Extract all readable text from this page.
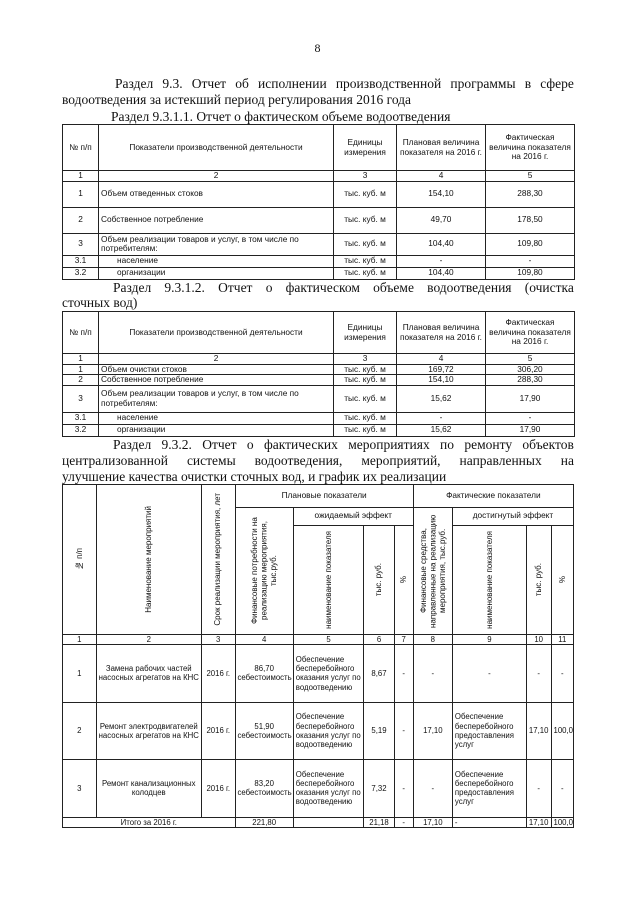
8
Раздел 9.3. Отчет об исполнении производственной программы в сфере
водоотведения за истекший период регулирования 2016 года
Раздел 9.3.1.1. Отчет о фактическом объеме водоотведения
№ п/п	Показатели производственной деятельности	Единицы измерения	Плановая величина показателя на 2016 г.	Фактическая величина показателя на 2016 г.
1	2	3	4	5
1	Объем отведенных стоков	тыс. куб. м	154,10	288,30
2	Собственное потребление	тыс. куб. м	49,70	178,50
3	Объем реализации товаров и услуг, в том числе по потребителям:	тыс. куб. м	104,40	109,80
3.1	население	тыс. куб. м	-	-
3.2	организации	тыс. куб. м	104,40	109,80
Раздел 9.3.1.2. Отчет о фактическом объеме водоотведения (очистка
сточных вод)
№ п/п	Показатели производственной деятельности	Единицы измерения	Плановая величина показателя на 2016 г.	Фактическая величина показателя на 2016 г.
1	2	3	4	5
1	Объем очистки стоков	тыс. куб. м	169,72	306,20
2	Собственное потребление	тыс. куб. м	154,10	288,30
3	Объем реализации товаров и услуг, в том числе по потребителям:	тыс. куб. м	15,62	17,90
3.1	население	тыс. куб. м	-	-
3.2	организации	тыс. куб. м	15,62	17,90
Раздел 9.3.2. Отчет о фактических мероприятиях по ремонту объектов
централизованной системы водоотведения, мероприятий, направленных на
улучшение качества очистки сточных вод, и график их реализации
№ п/п	Наименование мероприятий	Срок реализации мероприятия, лет	Плановые показатели				Фактические показатели			

			Финансовые потребности на реализацию мероприятия, тыс.руб.	ожидаемый эффект			Финансовые средства, направленные на реализацию мероприятия, тыс.руб.	достигнутый эффект		

				наименование показателя	тыс. руб.	%		наименование показателя	тыс. руб.	%

1	2	3	4	5	6	7	8	9	10	11
1	Замена рабочих частей насосных агрегатов на КНС	2016 г.	86,70 себестоимость	Обеспечение бесперебойного оказания услуг по водоотведению	8,67	-	-	-	-	-
2	Ремонт электродвигателей насосных агрегатов на КНС	2016 г.	51,90 себестоимость	Обеспечение бесперебойного оказания услуг по водоотведению	5,19	-	17,10	Обеспечение бесперебойного предоставления услуг	17,10	100,0
3	Ремонт канализационных колодцев	2016 г.	83,20 себестоимость	Обеспечение бесперебойного оказания услуг по водоотведению	7,32	-	-	Обеспечение бесперебойного предоставления услуг	-	-
Итого за 2016 г.			221,80		21,18	-	17,10	-	17,10	100,0
